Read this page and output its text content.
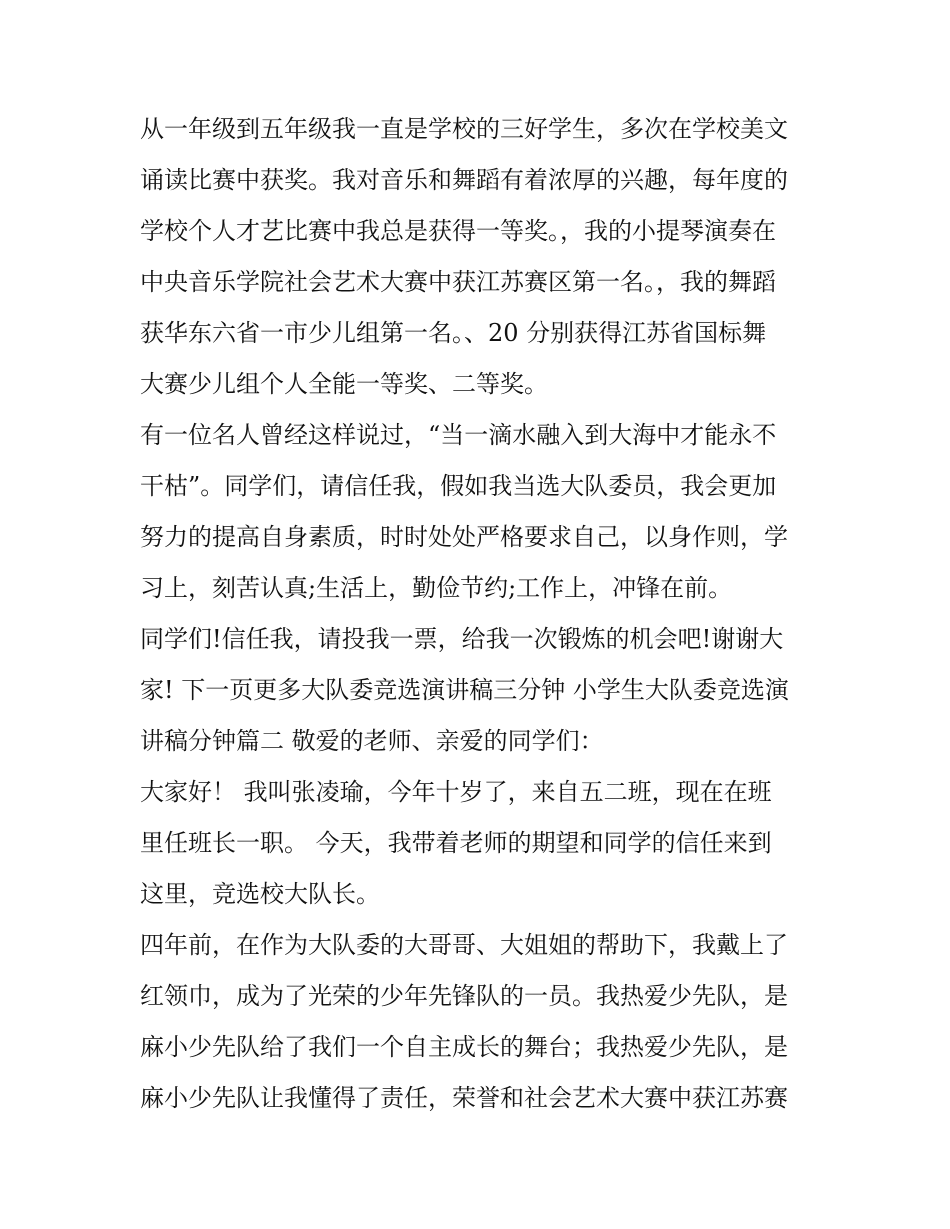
从一年级到五年级我一直是学校的三好学生，多次在学校美文
诵读比赛中获奖。我对音乐和舞蹈有着浓厚的兴趣，每年度的
学校个人才艺比赛中我总是获得一等奖。，我的小提琴演奏在
中央音乐学院社会艺术大赛中获江苏赛区第一名。，我的舞蹈
获华东六省一市少儿组第一名。、20 分别获得江苏省国标舞
大赛少儿组个人全能一等奖、二等奖。
有一位名人曾经这样说过，“当一滴水融入到大海中才能永不
干枯”。同学们，请信任我，假如我当选大队委员，我会更加
努力的提高自身素质，时时处处严格要求自己，以身作则，学
习上，刻苦认真;生活上，勤俭节约;工作上，冲锋在前。
同学们!信任我，请投我一票，给我一次锻炼的机会吧!谢谢大
家! 下一页更多大队委竞选演讲稿三分钟 小学生大队委竞选演
讲稿分钟篇二 敬爱的老师、亲爱的同学们：
大家好！ 我叫张凌瑜，今年十岁了，来自五二班，现在在班
里任班长一职。 今天，我带着老师的期望和同学的信任来到
这里，竞选校大队长。
四年前，在作为大队委的大哥哥、大姐姐的帮助下，我戴上了
红领巾，成为了光荣的少年先锋队的一员。我热爱少先队，是
麻小少先队给了我们一个自主成长的舞台；我热爱少先队，是
麻小少先队让我懂得了责任，荣誉和社会艺术大赛中获江苏赛
